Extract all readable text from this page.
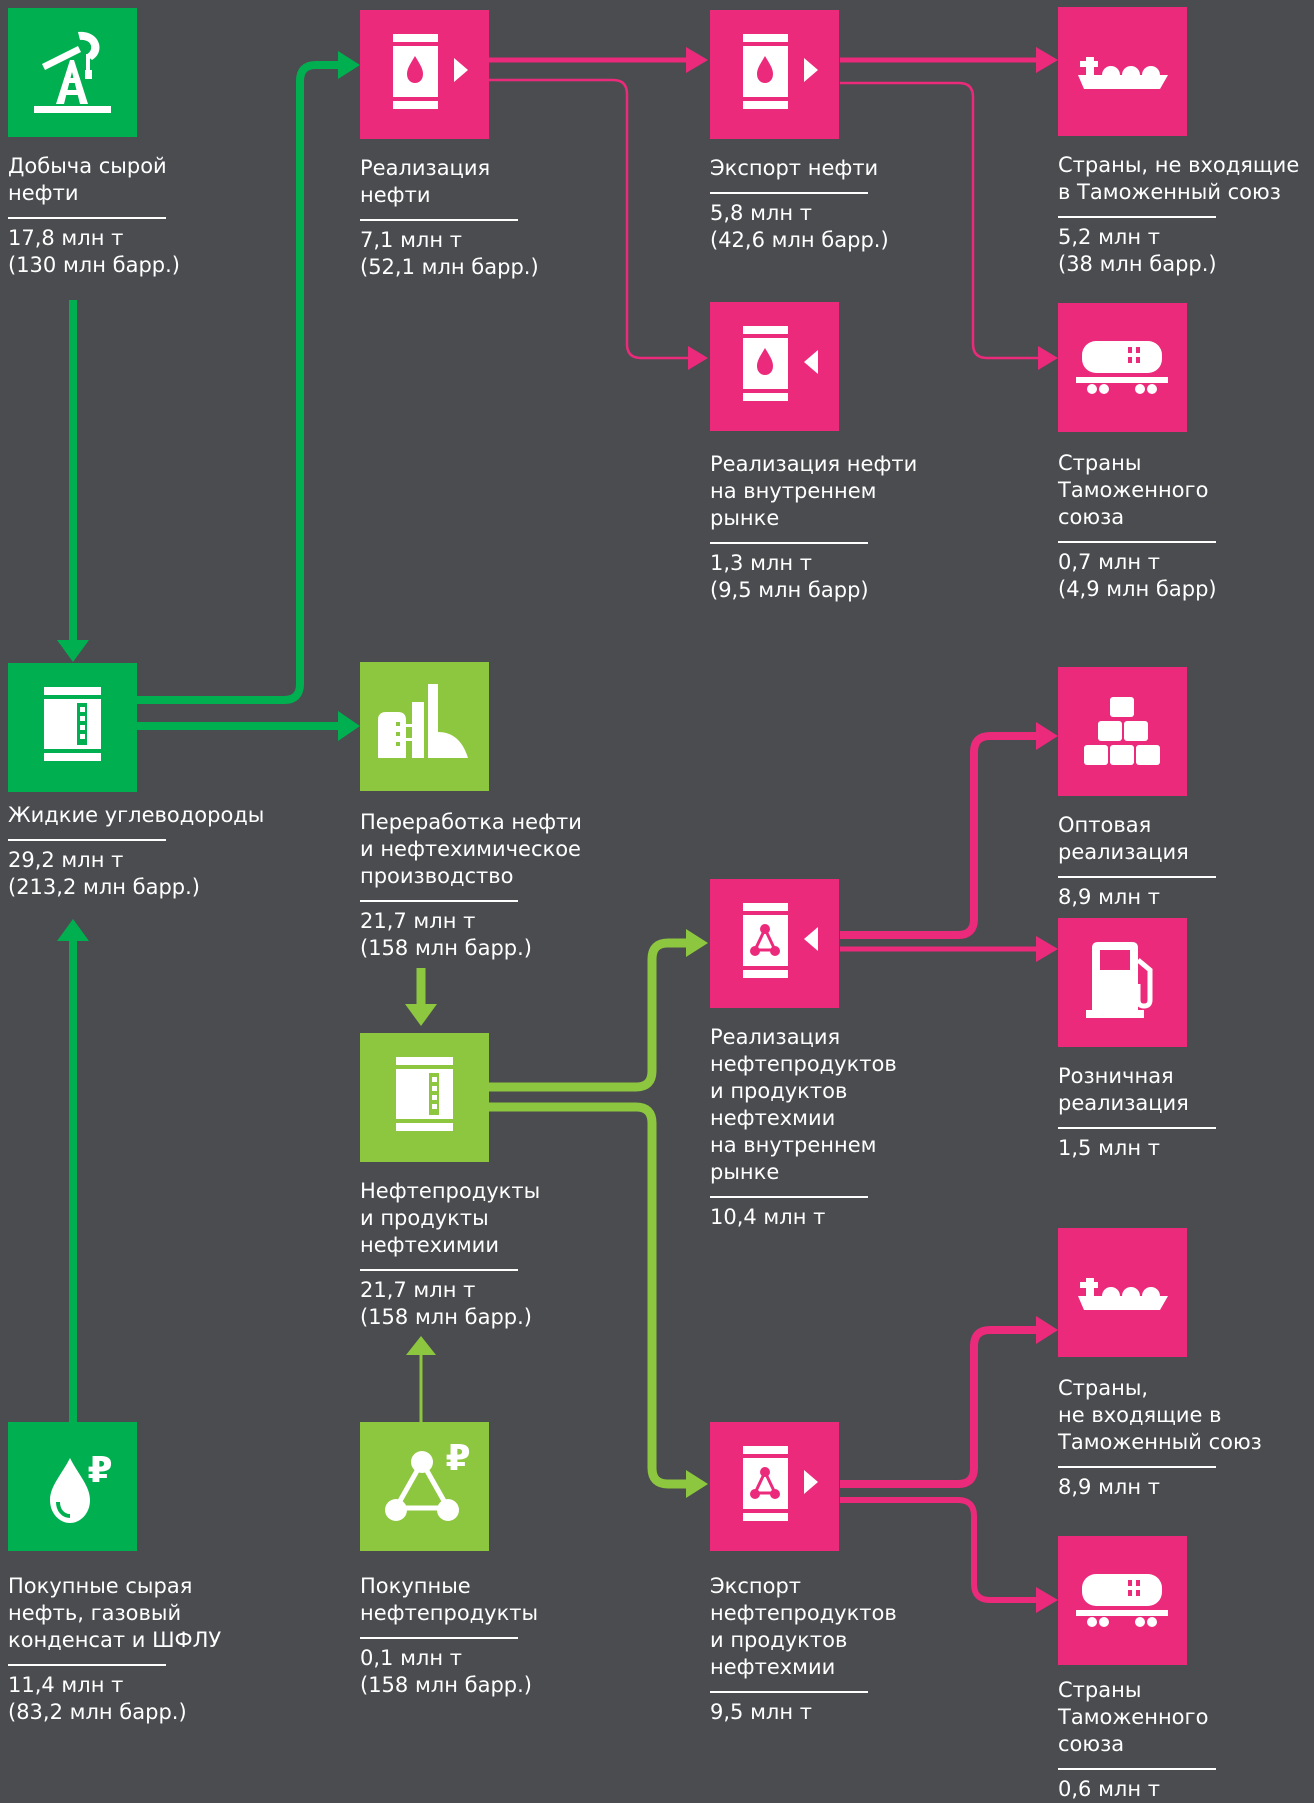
Добыча сырой
нефти
17,8 млн т
(130 млн барр.)
Жидкие углеводороды
29,2 млн т
(213,2 млн барр.)
₽
Покупные сырая
нефть, газовый
конденсат и ШФЛУ
11,4 млн т
(83,2 млн барр.)
Реализация
нефти
7,1 млн т
(52,1 млн барр.)
Переработка нефти
и нефтехимическое
производство
21,7 млн т
(158 млн барр.)
Нефтепродукты
и продукты
нефтехимии
21,7 млн т
(158 млн барр.)
₽
Покупные
нефтепродукты
0,1 млн т
(158 млн барр.)
Экспорт нефти
5,8 млн т
(42,6 млн барр.)
Реализация нефти
на внутреннем
рынке
1,3 млн т
(9,5 млн барр)
Реализация
нефтепродуктов
и продуктов
нефтехмии
на внутреннем
рынке
10,4 млн т
Экспорт
нефтепродуктов
и продуктов
нефтехмии
9,5 млн т
Страны, не входящие
в Таможенный союз
5,2 млн т
(38 млн барр.)
Страны
Таможенного
союза
0,7 млн т
(4,9 млн барр)
Оптовая
реализация
8,9 млн т
Розничная
реализация
1,5 млн т
Страны,
не входящие в
Таможенный союз
8,9 млн т
Страны
Таможенного
союза
0,6 млн т
